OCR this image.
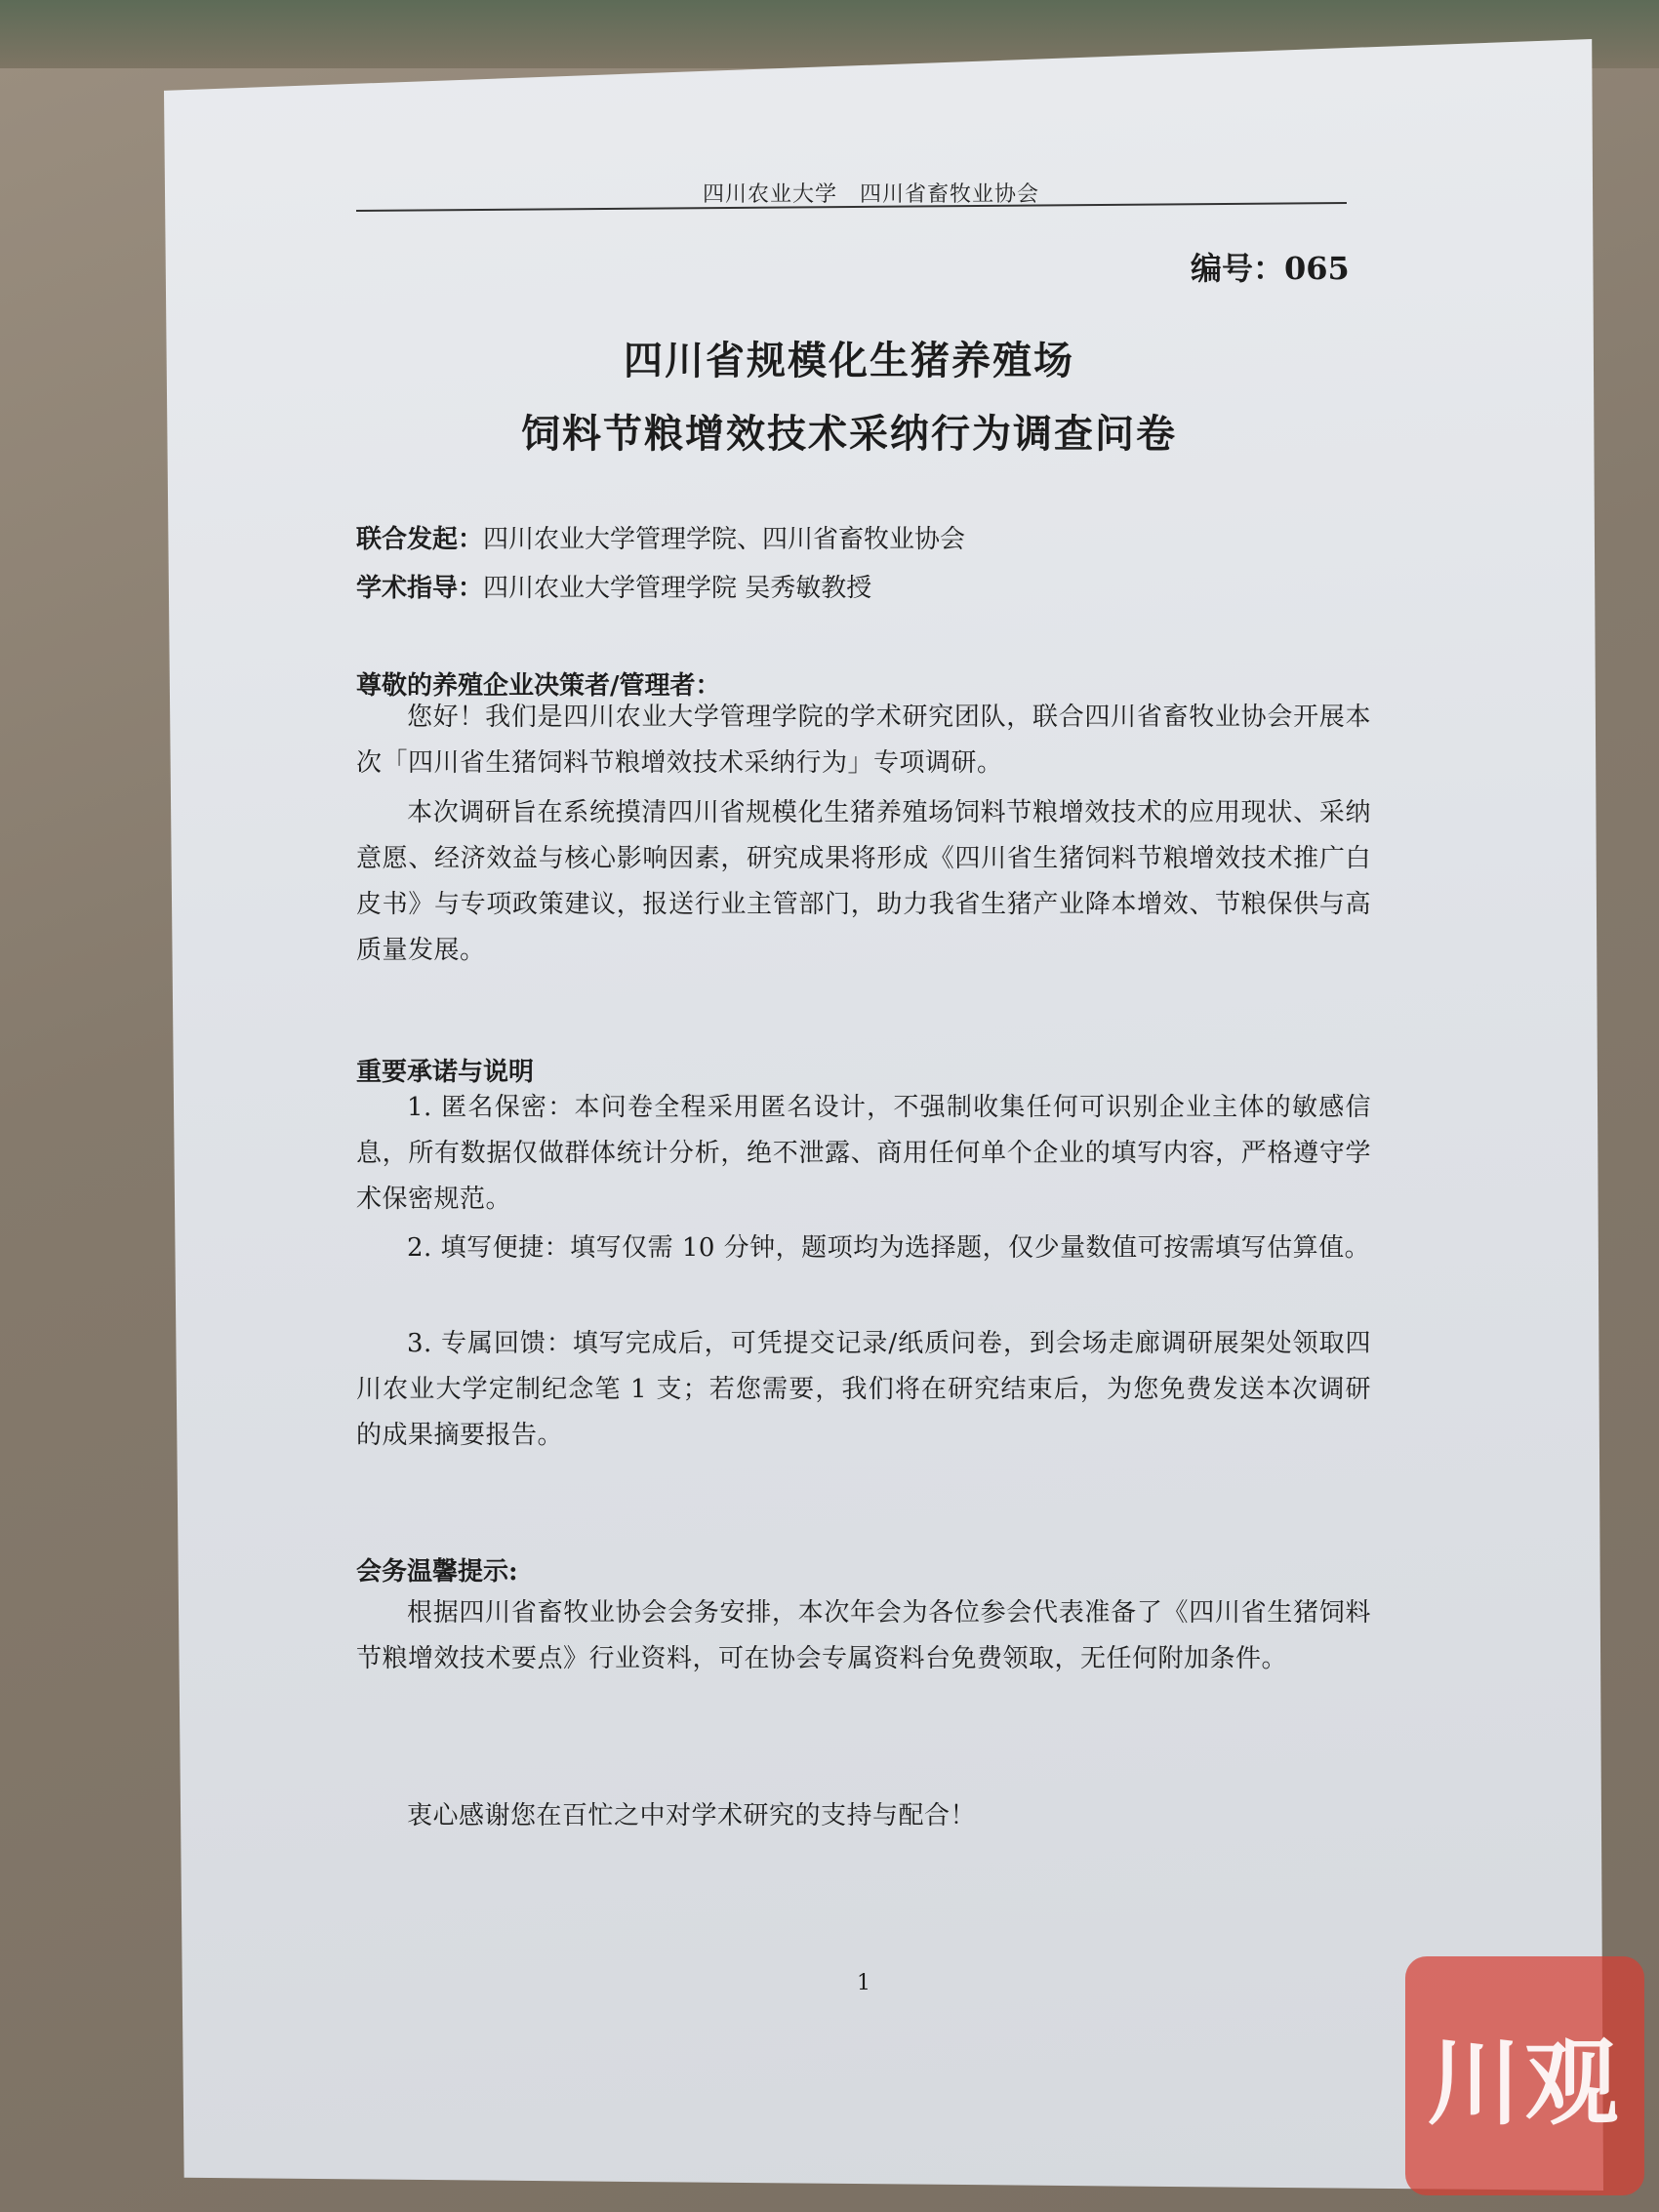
四川农业大学　四川省畜牧业协会
编号：065
四川省规模化生猪养殖场
饲料节粮增效技术采纳行为调查问卷
联合发起：四川农业大学管理学院、四川省畜牧业协会
学术指导：四川农业大学管理学院 吴秀敏教授
尊敬的养殖企业决策者/管理者：
您好！我们是四川农业大学管理学院的学术研究团队，联合四川省畜牧业协会开展本次「四川省生猪饲料节粮增效技术采纳行为」专项调研。
本次调研旨在系统摸清四川省规模化生猪养殖场饲料节粮增效技术的应用现状、采纳意愿、经济效益与核心影响因素，研究成果将形成《四川省生猪饲料节粮增效技术推广白皮书》与专项政策建议，报送行业主管部门，助力我省生猪产业降本增效、节粮保供与高质量发展。
重要承诺与说明
1. 匿名保密：本问卷全程采用匿名设计，不强制收集任何可识别企业主体的敏感信息，所有数据仅做群体统计分析，绝不泄露、商用任何单个企业的填写内容，严格遵守学术保密规范。
2. 填写便捷：填写仅需 10 分钟，题项均为选择题，仅少量数值可按需填写估算值。
3. 专属回馈：填写完成后，可凭提交记录/纸质问卷，到会场走廊调研展架处领取四川农业大学定制纪念笔 1 支；若您需要，我们将在研究结束后，为您免费发送本次调研的成果摘要报告。
会务温馨提示:
根据四川省畜牧业协会会务安排，本次年会为各位参会代表准备了《四川省生猪饲料节粮增效技术要点》行业资料，可在协会专属资料台免费领取，无任何附加条件。
衷心感谢您在百忙之中对学术研究的支持与配合！
1
川观
